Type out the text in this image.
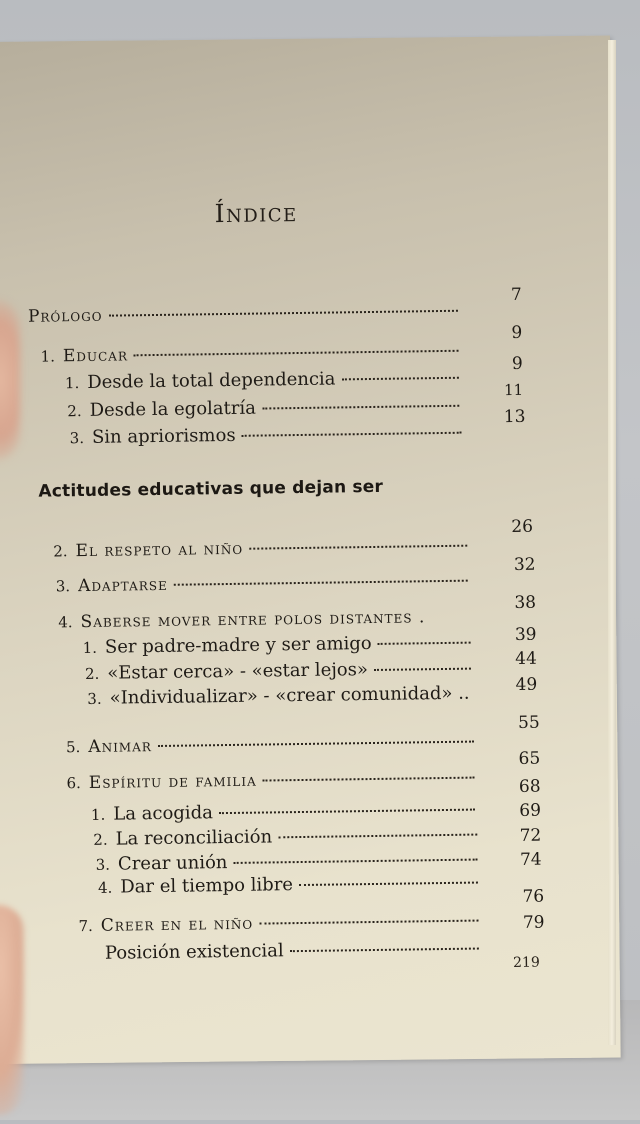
Índice
Prólogo
7
1. Educar
9
1. Desde la total dependencia
9
2. Desde la egolatría
11
3. Sin apriorismos
13
Actitudes educativas que dejan ser
2. El respeto al niño
26
3. Adaptarse
32
4. Saberse mover entre polos distantes .
38
1. Ser padre-madre y ser amigo	39
2. «Estar cerca» - «estar lejos»
44
3. «Individualizar» - «crear comunidad» ..	49
5. Animar
55
6. Espíritu de familia
65
1. La acogida
68
2. La reconciliación
69
3. Crear unión
72
4. Dar el tiempo libre
74
7. Creer en el niño
76
Posición existencial
79
219
